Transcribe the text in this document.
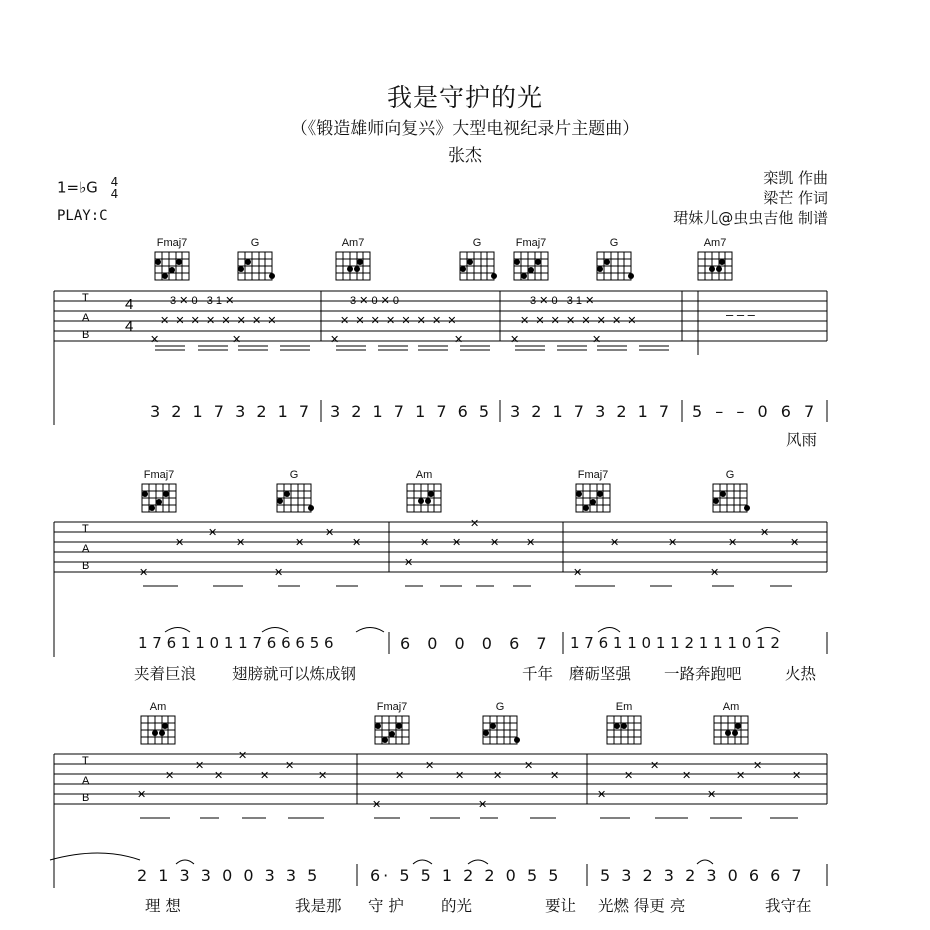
我是守护的光
（《锻造雄师向复兴》大型电视纪录片主题曲）
张杰
1=♭G 4
4
PLAY:C
栾凯 作曲
梁芒 作词
珺妹儿@虫虫吉他 制谱
T
A
B
4
4
3 ✕ 0   3 1 ✕	3 ✕ 0 ✕ 0	3 ✕ 0   3 1 ✕
✕  ✕  ✕  ✕  ✕  ✕  ✕  ✕	✕  ✕  ✕  ✕  ✕  ✕  ✕  ✕	✕  ✕  ✕  ✕  ✕  ✕  ✕  ✕
✕	✕	✕	✕	✕	✕
– – –
T
A
B
✕	✕
✕
✕
✕	✕	✕	✕	✕ ✕	✕ ✕	✕	✕	✕	✕
✕	✕
✕
✕	✕
T
A
B
✕
✕	✕	✕	✕	✕	✕
✕	✕	✕	✕	✕	✕	✕	✕	✕	✕	✕	✕
✕
✕	✕
✕	✕
Fmaj7	G	Am7	G	Fmaj7	G	Am7
Fmaj7	G	Am	Fmaj7	G
Am	Fmaj7	G	Em	Am
3 2 1 7 3 2 1 7 3 2 1 7 1 7 6 5 3 2 1 7 3 2 1 7 5 – – 0 6 7
风雨
1 7 6 1 1 0 1 1 7 6 6 6 5 6	6 0 0 0 6 7 1 7 6 1 1 0 1 1 2 1 1 1 0 1 2
夹着巨浪 翅膀就可以炼成钢	千年 磨砺坚强 一路奔跑吧	火热
2 1 3 3 0 0 3 3 5	6· 5 5 1 2 2 0 5 5 5 3 2 3 2 3 0 6 6 7
理 想	我是那 守 护 的光	要让 光燃 得更 亮	我守在
